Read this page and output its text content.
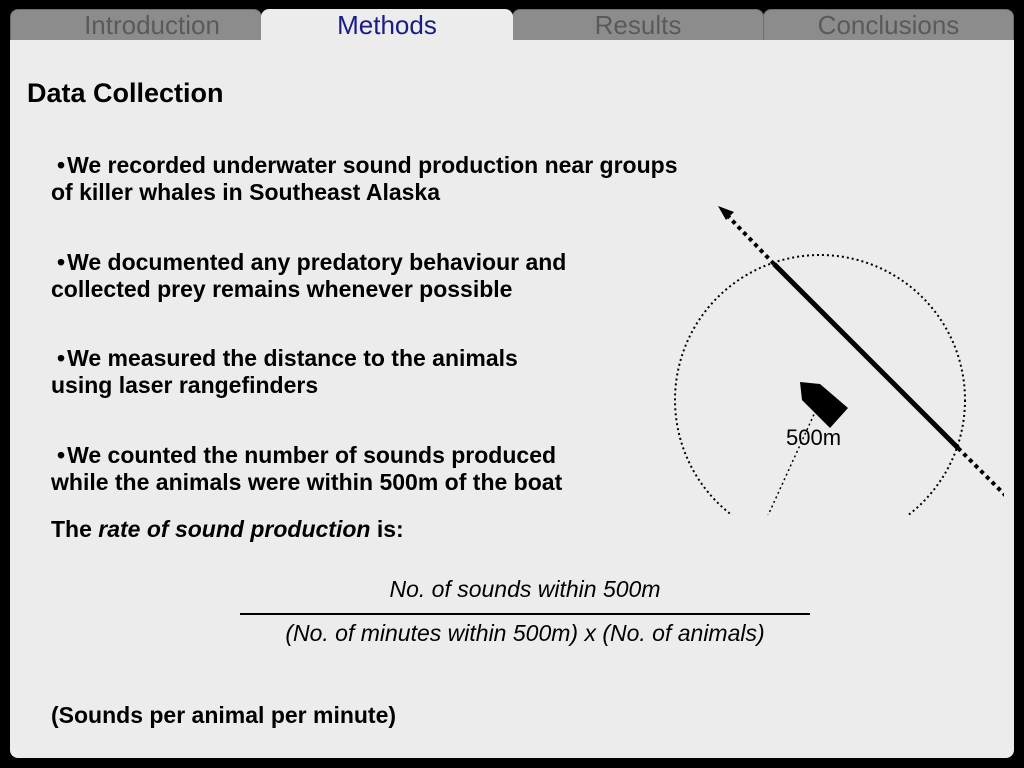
Introduction	Methods	Results	Conclusions
Data Collection
•We recorded underwater sound production near groups
of killer whales in Southeast Alaska
•We documented any predatory behaviour and
collected prey remains whenever possible
•We measured the distance to the animals
using laser rangefinders
•We counted the number of sounds produced
while the animals were within 500m of the boat
The rate of sound production is:
No. of sounds within 500m
(No. of minutes within 500m) x (No. of animals)
(Sounds per animal per minute)
500m
